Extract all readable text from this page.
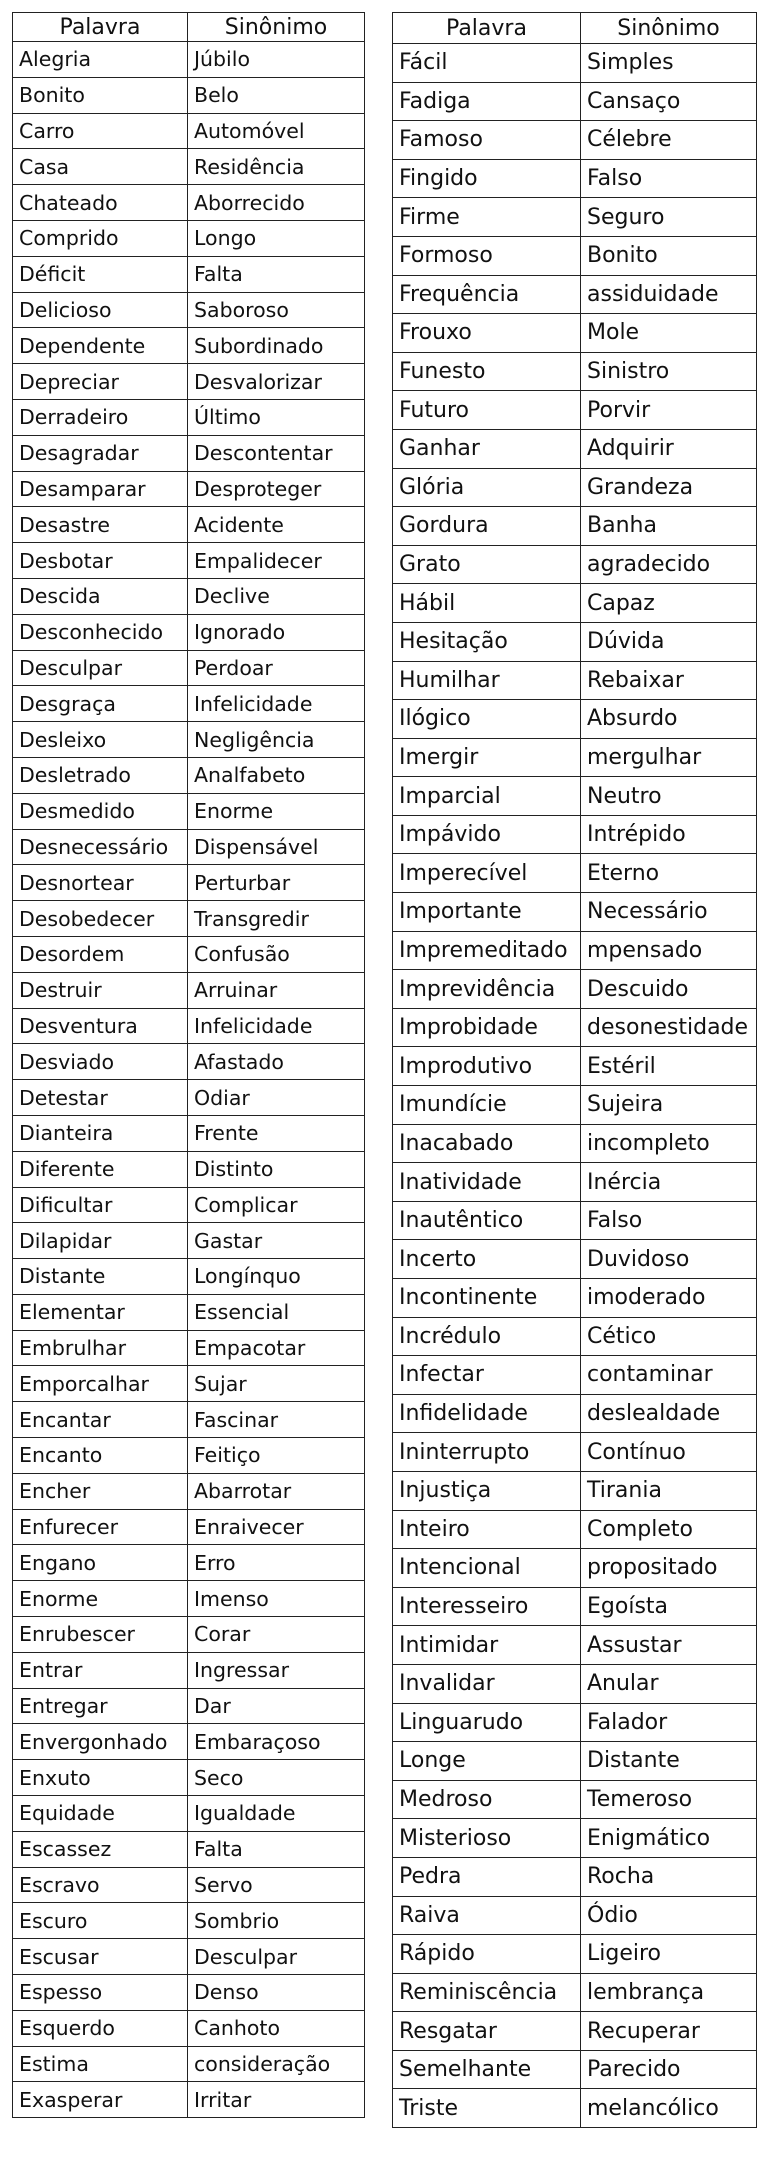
Palavra	Sinônimo
Alegria	Júbilo
Bonito	Belo
Carro	Automóvel
Casa	Residência
Chateado	Aborrecido
Comprido	Longo
Déficit	Falta
Delicioso	Saboroso
Dependente	Subordinado
Depreciar	Desvalorizar
Derradeiro	Último
Desagradar	Descontentar
Desamparar	Desproteger
Desastre	Acidente
Desbotar	Empalidecer
Descida	Declive
Desconhecido	Ignorado
Desculpar	Perdoar
Desgraça	Infelicidade
Desleixo	Negligência
Desletrado	Analfabeto
Desmedido	Enorme
Desnecessário	Dispensável
Desnortear	Perturbar
Desobedecer	Transgredir
Desordem	Confusão
Destruir	Arruinar
Desventura	Infelicidade
Desviado	Afastado
Detestar	Odiar
Dianteira	Frente
Diferente	Distinto
Dificultar	Complicar
Dilapidar	Gastar
Distante	Longínquo
Elementar	Essencial
Embrulhar	Empacotar
Emporcalhar	Sujar
Encantar	Fascinar
Encanto	Feitiço
Encher	Abarrotar
Enfurecer	Enraivecer
Engano	Erro
Enorme	Imenso
Enrubescer	Corar
Entrar	Ingressar
Entregar	Dar
Envergonhado	Embaraçoso
Enxuto	Seco
Equidade	Igualdade
Escassez	Falta
Escravo	Servo
Escuro	Sombrio
Escusar	Desculpar
Espesso	Denso
Esquerdo	Canhoto
Estima	consideração
Exasperar	Irritar
Palavra	Sinônimo
Fácil	Simples
Fadiga	Cansaço
Famoso	Célebre
Fingido	Falso
Firme	Seguro
Formoso	Bonito
Frequência	assiduidade
Frouxo	Mole
Funesto	Sinistro
Futuro	Porvir
Ganhar	Adquirir
Glória	Grandeza
Gordura	Banha
Grato	agradecido
Hábil	Capaz
Hesitação	Dúvida
Humilhar	Rebaixar
Ilógico	Absurdo
Imergir	mergulhar
Imparcial	Neutro
Impávido	Intrépido
Imperecível	Eterno
Importante	Necessário
Impremeditado	mpensado
Imprevidência	Descuido
Improbidade	desonestidade
Improdutivo	Estéril
Imundície	Sujeira
Inacabado	incompleto
Inatividade	Inércia
Inautêntico	Falso
Incerto	Duvidoso
Incontinente	imoderado
Incrédulo	Cético
Infectar	contaminar
Infidelidade	deslealdade
Ininterrupto	Contínuo
Injustiça	Tirania
Inteiro	Completo
Intencional	propositado
Interesseiro	Egoísta
Intimidar	Assustar
Invalidar	Anular
Linguarudo	Falador
Longe	Distante
Medroso	Temeroso
Misterioso	Enigmático
Pedra	Rocha
Raiva	Ódio
Rápido	Ligeiro
Reminiscência	lembrança
Resgatar	Recuperar
Semelhante	Parecido
Triste	melancólico
